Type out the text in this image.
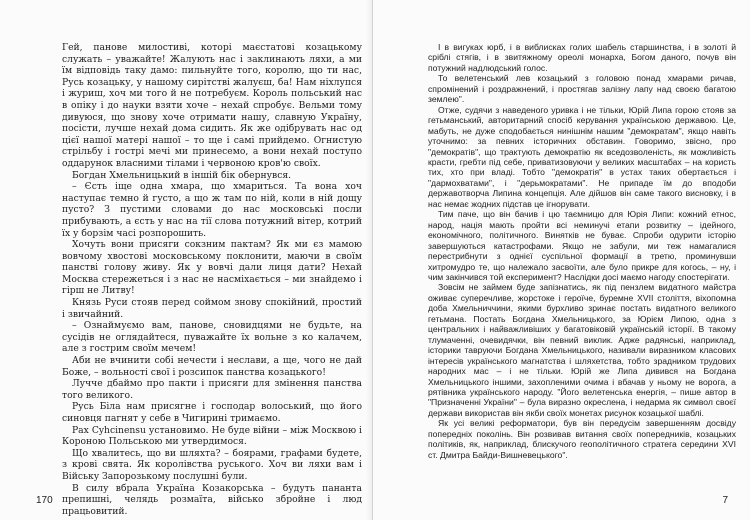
Гей, панове милостиві, которі маєстатові козацькому служать – уважайте! Жалують нас і заклинають ляхи, а ми їм відповідь таку дамо: пильнуйте того, королю, що ти нас, Русь козацьку, у нашому сирітстві жалуєш, ба! Нам ніхлупся і журиш, хоч ми того й не потребуєм. Король польський нас в опіку і до науки взяти хоче – нехай спробує. Вельми тому дивуюся, що знову хоче отримати нашу, славную Україну, посісти, лучше нехай дома сидить. Як же одібрувать нас од цієї нашої матері нашої – то ще і самі прийдемо. Огнистую стрільбу і гострі мечі ми принесемо, а вони нехай поступо оддарунок власними тілами і червоною кров'ю своїх.

Богдан Хмельницький в іншій бік обернувся.

– Єсть іще одна хмара, що хмариться. Та вона хоч наступає темно й густо, а що ж там по ній, коли в ній дощу пусто? З пустими словами до нас московські посли прибувають, а єсть у нас на тії слова потужний вітер, котрий їх у борзім часі розпорошить.

Хочуть вони присяги сокзним пактам? Як ми єз мамою вовчому хвостові московському поклонити, маючи в своїм панстві голову живу. Як у вовчі дали лиця дати? Нехай Москва стережеться і з нас не насміхається – ми знайдемо і гірш не Литву!

Князь Руси стояв перед соймом знову спокійний, простий і звичайний.

– Ознаймуємо вам, панове, сновидцями не будьте, на сусідів не оглядайтеся, пуважайте їх вольне з ко калачем, але з гострим своїм мечем!

Аби не вчинити собі нечести і неслави, а ще, чого не дай Боже, – вольності свої і розсипок панства козацького!

Лучче дбаймо про пакти і присяги для змінення панства того великого.

Русь Біла нам присягне і господар волоський, що його синовця пагнят у себе в Чигирині тримаємо.

Рах Cyhcinensu установимо. Не буде війни – між Москвою і Короною Польською ми утвердимося.

Що хвалитесь, що ви шляхта? – боярами, графами будете, з кровi свята. Як королівства руського. Хоч ви ляхи вам і Війську Запорозькому послушні були.

В силу вбрала Україна Козакорська – будуть пананта препишні, челядь розмаїта, військо збройне і люд працьовитий.

170

І в вигуках юрб, і в виблисках голих шабель старшинства, і в золоті й сріблі стягів, і в звитяжному ореолі монарха, Богом даного, почув він потужний надлюдський голос.

То велетенський лев козацький з головою понад хмарами ричав, спромінений і роздражнений, і простягав залізну лапу над своєю багатою землею".

Отже, судячи з наведеного уривка і не тільки, Юрій Липа горою стояв за гетьманський, авторитарний спосіб керування українською державою. Це, мабуть, не дуже сподобається нинішнім нашим "демократам", якщо навіть уточнимо: за певних історичних обставин. Говоримо, звісно, про "демократів", що трактують демократію як вседозволеність, як можливість красти, гребти під себе, приватизовуючи у великих масштабах – на користь тих, хто при владі. Тобто "демократія" в устах таких обертається і "дармохватами", і "дерьмократами". Не припаде їм до вподоби державотворча Липина концепція. Але дійшов він саме такого висновку, і в нас немає жодних підстав це ігнорувати.

Тим паче, що він бачив і цю таємницю для Юрія Липи: кожний етнос, народ, нація мають пройти всі неминучі етапи розвитку – ідейного, економічного, політичного. Винятків не буває. Спроби одурити історію завершуються катастрофами. Якщо не забули, ми теж намагалися перестрибнути з однієї суспільної формації в третю, проминувши хитромудро те, що належало засвоїти, але було прикре для когось, – ну, і чим закінчився той експеримент? Наслідки досі маємо нагоду спостерігати.

Зовсім не займем буде запізнатись, як під пензлем видатного майстра оживає суперечливе, жорстоке і героїче, буремне XVII століття, віхопомна доба Хмельниччини, якими бурхливо зринає постать видатного великого гетьмана. Постать Богдана Хмельницького, за Юрієм Липою, одна з центральних і найважливіших у багатовіковій українській історії. В такому тлумаченні, очевидячки, він певний виклик. Адже радянські, наприклад, історики тавруючи Богдана Хмельницького, називали виразником класових інтересів українського магнатства і шляхетства, тобто зрадником трудових народних мас – і не тільки. Юрій же Липа дивився на Богдана Хмельницького іншими, захопленими очима і вбачав у ньому не ворога, а рятівника українського народу. "Його велетенська енергія, – пише автор в "Призначенні України" – була виразно окреслена, і недарма як символ своєї держави використав він якби своїх монетах рисунок козацької шаблі.

Як усі великі реформатори, був він передусім завершенням досвіду попередніх поколінь. Він розвивав витання своїх попередників, козацьких політиків, як, наприклад, блискучого геополітичного стратега середини XVI ст. Дмитра Байди-Вишневецького".

7
